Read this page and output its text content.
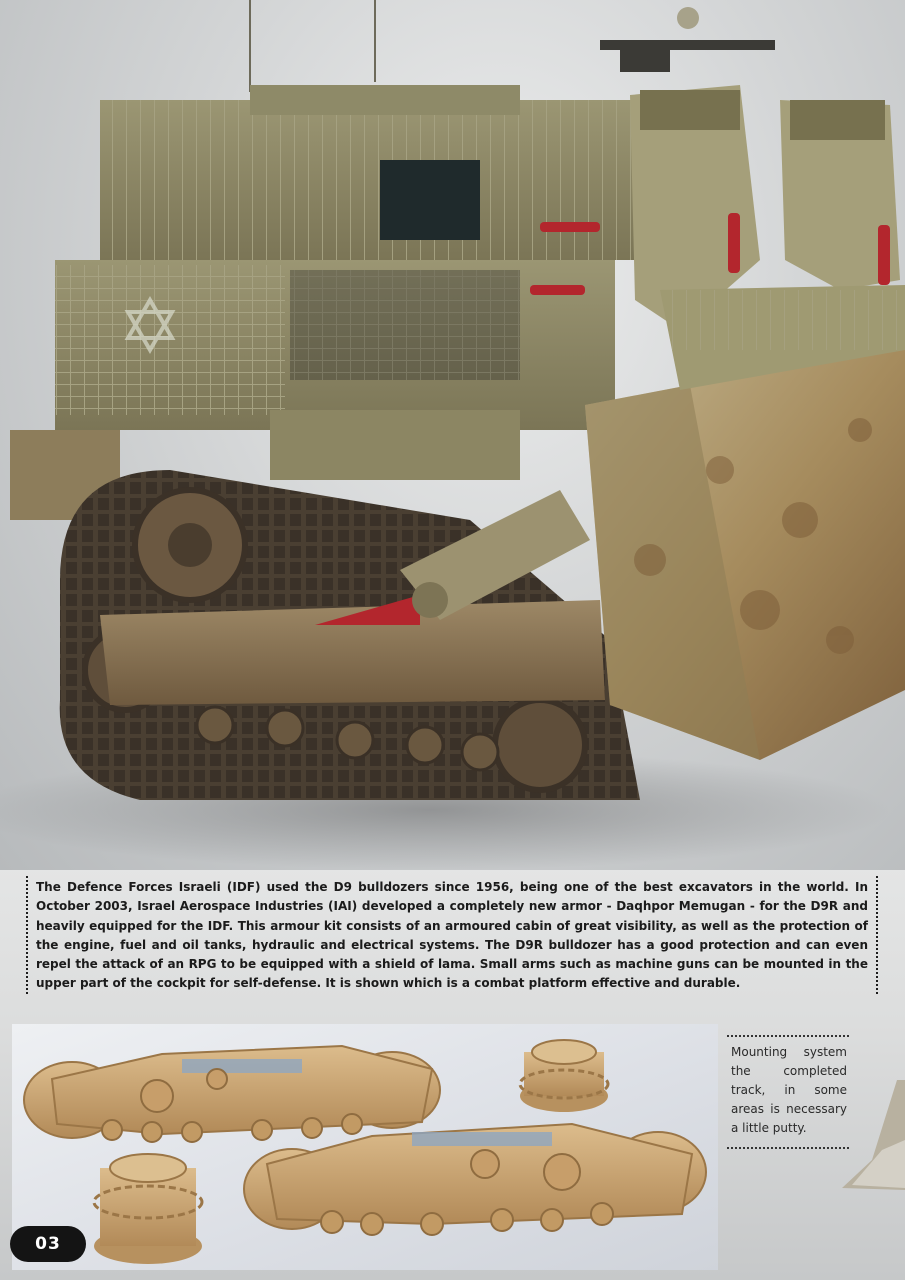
The Defence Forces Israeli (IDF) used the D9 bulldozers since 1956, being one of the best excavators in the world. In October 2003, Israel Aerospace Industries (IAI) developed a completely new armor - Daqhpor Memugan - for the D9R and heavily equipped for the IDF. This armour kit consists of an armoured cabin of great visibility, as well as the protection of the engine, fuel and oil tanks, hydraulic and electrical systems. The D9R bulldozer has a good protection and can even repel the attack of an RPG to be equipped with a shield of lama. Small arms such as machine guns can be mounted in the upper part of the cockpit for self-defense. It is shown which is a combat platform effective and durable.

Mounting system the completed track, in some areas is necessary a little putty.

03
